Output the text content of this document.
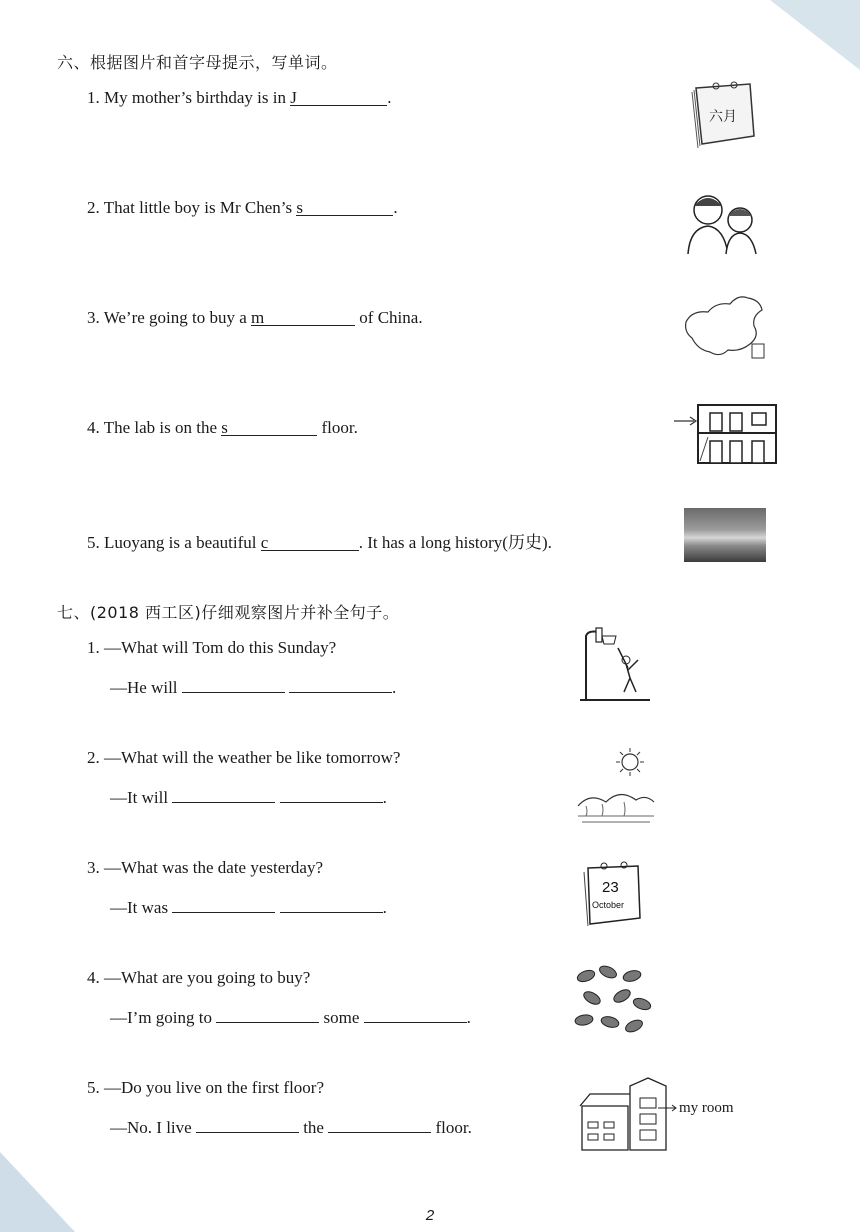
六、根据图片和首字母提示，写单词。
1. My mother’s birthday is in J	.
2. That little boy is Mr Chen’s s	.
3. We’re going to buy a m	of China.
4. The lab is on the s	floor.
5. Luoyang is a beautiful c	. It has a long history(历史).
六月
七、(2018 西工区)仔细观察图片并补全句子。
1. —What will Tom do this Sunday?
—He will	.
2. —What will the weather be like tomorrow?
—It will	.
3. —What was the date yesterday?
—It was	.
4. —What are you going to buy?
—I’m going to	some	.
5. —Do you live on the first floor?
—No. I live	the	floor.
23
October
my room
2
